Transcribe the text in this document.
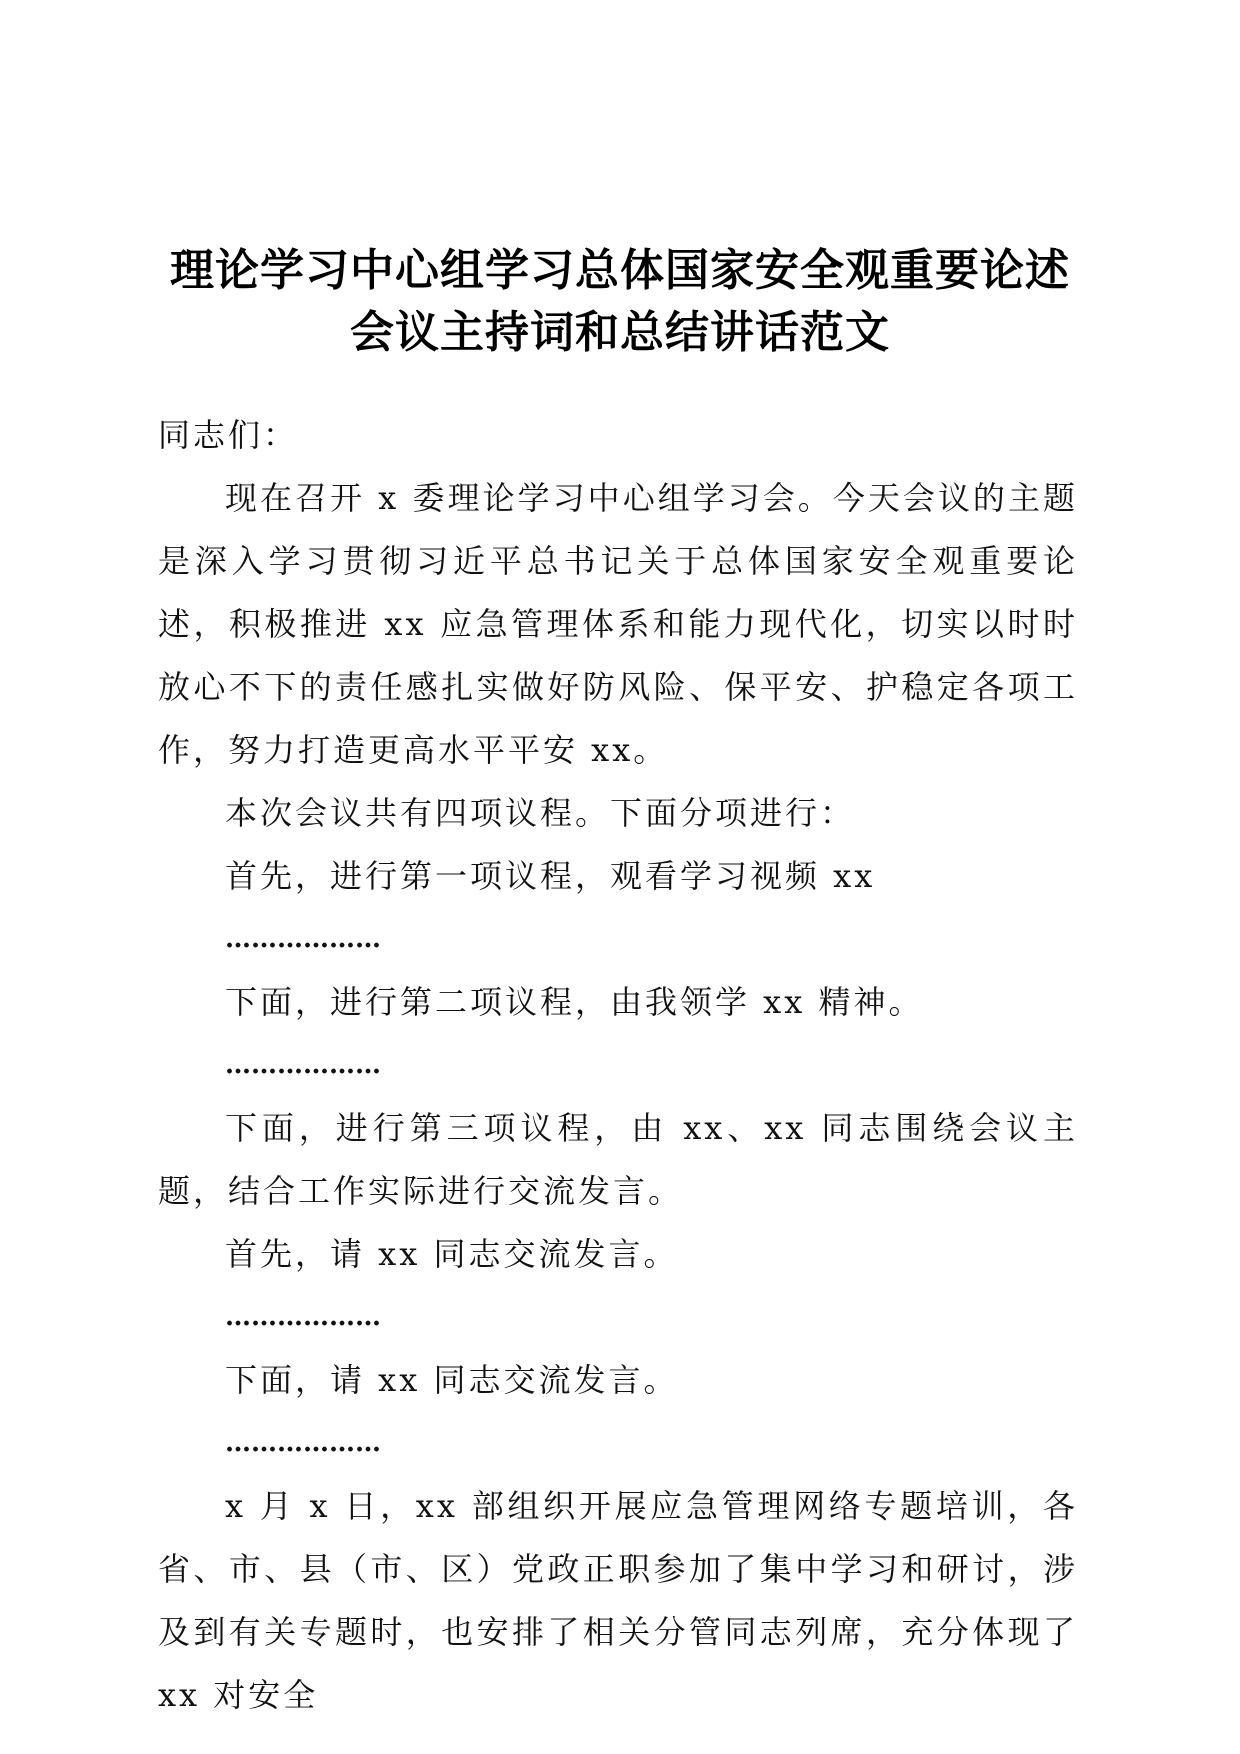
理论学习中心组学习总体国家安全观重要论述
会议主持词和总结讲话范文

同志们：

现在召开 x 委理论学习中心组学习会。今天会议的主题是深入学习贯彻习近平总书记关于总体国家安全观重要论述，积极推进 xx 应急管理体系和能力现代化，切实以时时放心不下的责任感扎实做好防风险、保平安、护稳定各项工作，努力打造更高水平平安 xx。

本次会议共有四项议程。下面分项进行：

首先，进行第一项议程，观看学习视频 xx

………………

下面，进行第二项议程，由我领学 xx 精神。

………………

下面，进行第三项议程，由 xx、xx 同志围绕会议主题，结合工作实际进行交流发言。

首先，请 xx 同志交流发言。

………………

下面，请 xx 同志交流发言。

………………

x 月 x 日，xx 部组织开展应急管理网络专题培训，各省、市、县（市、区）党政正职参加了集中学习和研讨，涉及到有关专题时，也安排了相关分管同志列席，充分体现了 xx 对安全
